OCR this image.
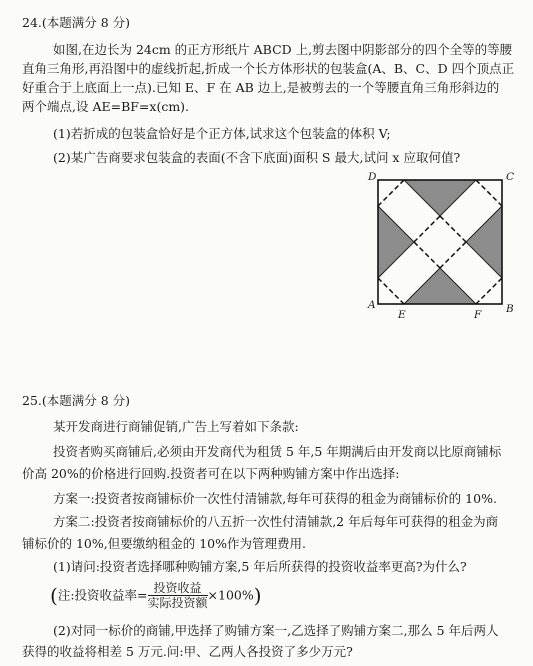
24.(本题满分 8 分)
如图,在边长为 24cm 的正方形纸片 ABCD 上,剪去图中阴影部分的四个全等的等腰
直角三角形,再沿图中的虚线折起,折成一个长方体形状的包装盒(A、B、C、D 四个顶点正
好重合于上底面上一点).已知 E、F 在 AB 边上,是被剪去的一个等腰直角三角形斜边的
两个端点,设 AE=BF=x(cm).
(1)若折成的包装盒恰好是个正方体,试求这个包装盒的体积 V;
(2)某广告商要求包装盒的表面(不含下底面)面积 S 最大,试问 x 应取何值?
D	C
A	B
E	F
25.(本题满分 8 分)
某开发商进行商铺促销,广告上写着如下条款:
投资者购买商铺后,必须由开发商代为租赁 5 年,5 年期满后由开发商以比原商铺标
价高 20%的价格进行回购.投资者可在以下两种购铺方案中作出选择:
方案一:投资者按商铺标价一次性付清铺款,每年可获得的租金为商铺标价的 10%.
方案二:投资者按商铺标价的八五折一次性付清铺款,2 年后每年可获得的租金为商
铺标价的 10%,但要缴纳租金的 10%作为管理费用.
(1)请问:投资者选择哪种购铺方案,5 年后所获得的投资收益率更高?为什么?
(注:投资收益率= $\frac{\text{投资收益}}{\text{实际投资额}} \times 100\%$)
(2)对同一标价的商铺,甲选择了购铺方案一,乙选择了购铺方案二,那么 5 年后两人
获得的收益将相差 5 万元.问:甲、乙两人各投资了多少万元?
